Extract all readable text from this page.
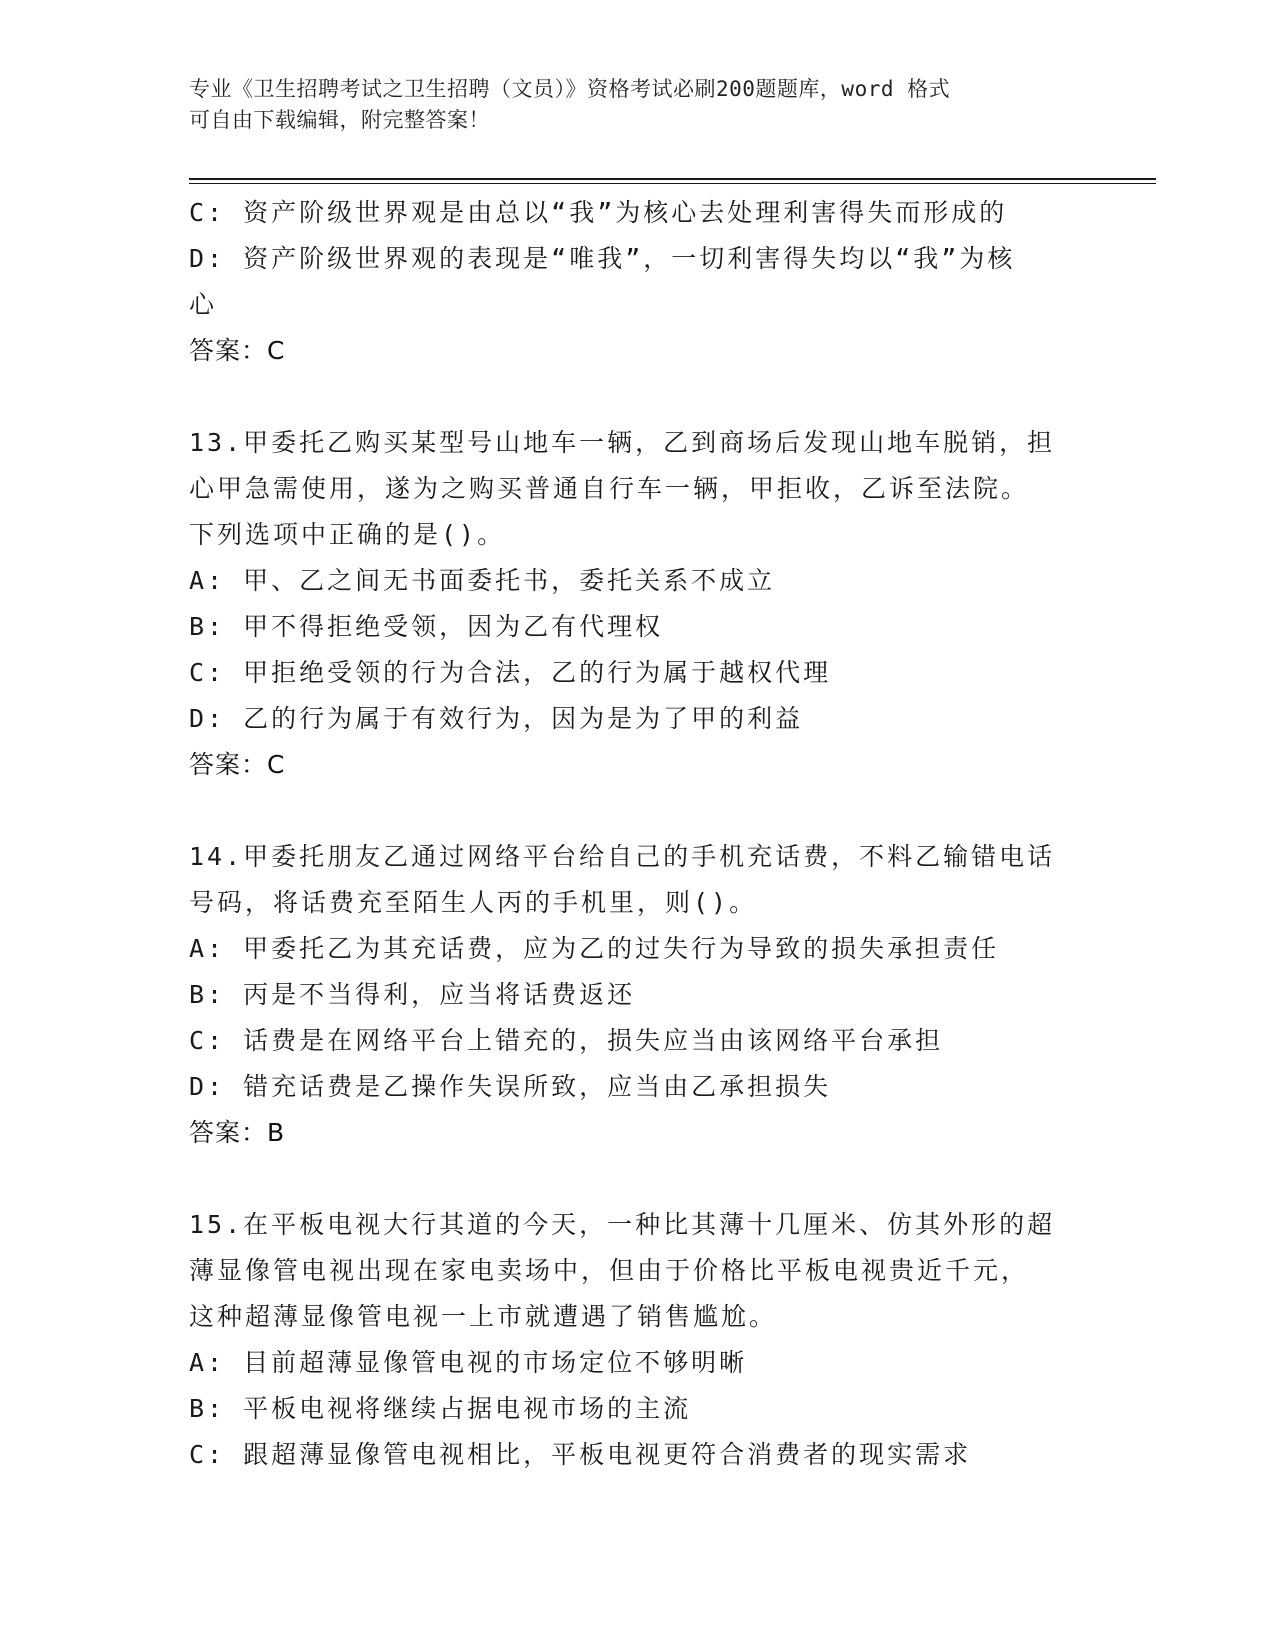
专业《卫生招聘考试之卫生招聘（文员）》资格考试必刷200题题库，word 格式
可自由下载编辑，附完整答案！

C: 资产阶级世界观是由总以“我”为核心去处理利害得失而形成的

D: 资产阶级世界观的表现是“唯我”，一切利害得失均以“我”为核

心

答案：C

13.甲委托乙购买某型号山地车一辆，乙到商场后发现山地车脱销，担

心甲急需使用，遂为之购买普通自行车一辆，甲拒收，乙诉至法院。

下列选项中正确的是()。

A: 甲、乙之间无书面委托书，委托关系不成立

B: 甲不得拒绝受领，因为乙有代理权

C: 甲拒绝受领的行为合法，乙的行为属于越权代理

D: 乙的行为属于有效行为，因为是为了甲的利益

答案：C

14.甲委托朋友乙通过网络平台给自己的手机充话费，不料乙输错电话

号码，将话费充至陌生人丙的手机里，则()。

A: 甲委托乙为其充话费，应为乙的过失行为导致的损失承担责任

B: 丙是不当得利，应当将话费返还

C: 话费是在网络平台上错充的，损失应当由该网络平台承担

D: 错充话费是乙操作失误所致，应当由乙承担损失

答案：B

15.在平板电视大行其道的今天，一种比其薄十几厘米、仿其外形的超

薄显像管电视出现在家电卖场中，但由于价格比平板电视贵近千元，

这种超薄显像管电视一上市就遭遇了销售尴尬。

A: 目前超薄显像管电视的市场定位不够明晰

B: 平板电视将继续占据电视市场的主流

C: 跟超薄显像管电视相比，平板电视更符合消费者的现实需求
